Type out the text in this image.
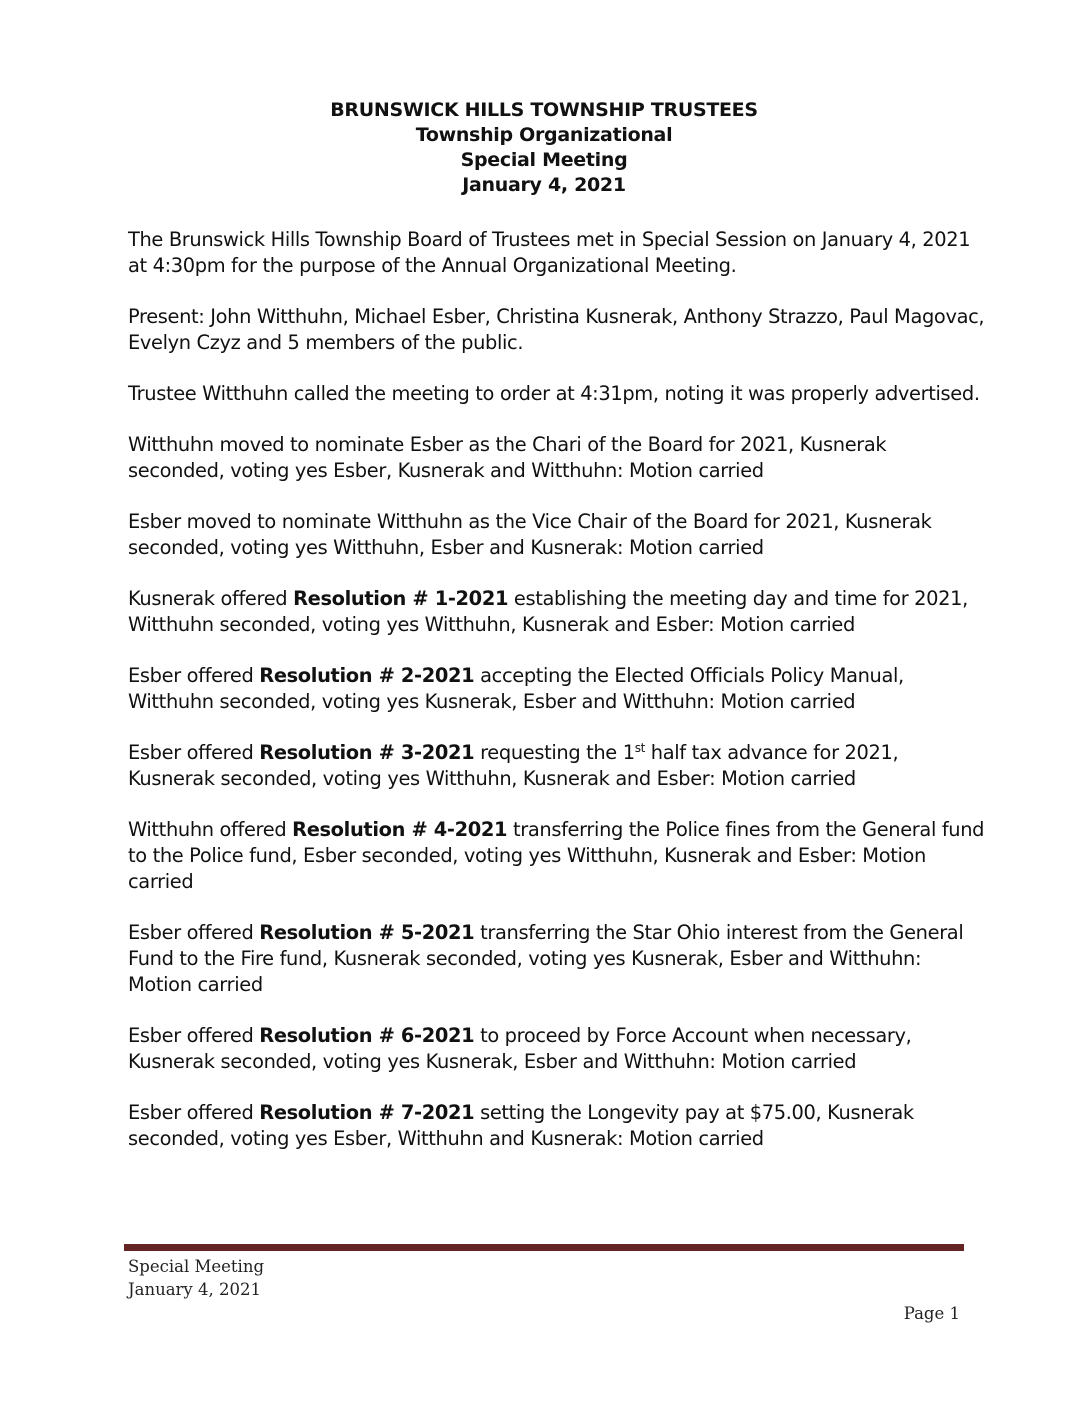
BRUNSWICK HILLS TOWNSHIP TRUSTEES
Township Organizational
Special Meeting
January 4, 2021

The Brunswick Hills Township Board of Trustees met in Special Session on January 4, 2021 at 4:30pm for the purpose of the Annual Organizational Meeting.

Present: John Witthuhn, Michael Esber, Christina Kusnerak, Anthony Strazzo, Paul Magovac, Evelyn Czyz and 5 members of the public.

Trustee Witthuhn called the meeting to order at 4:31pm, noting it was properly advertised.

Witthuhn moved to nominate Esber as the Chari of the Board for 2021, Kusnerak seconded, voting yes Esber, Kusnerak and Witthuhn: Motion carried

Esber moved to nominate Witthuhn as the Vice Chair of the Board for 2021, Kusnerak seconded, voting yes Witthuhn, Esber and Kusnerak: Motion carried

Kusnerak offered Resolution # 1-2021 establishing the meeting day and time for 2021, Witthuhn seconded, voting yes Witthuhn, Kusnerak and Esber: Motion carried

Esber offered Resolution # 2-2021 accepting the Elected Officials Policy Manual, Witthuhn seconded, voting yes Kusnerak, Esber and Witthuhn: Motion carried

Esber offered Resolution # 3-2021 requesting the 1st half tax advance for 2021, Kusnerak seconded, voting yes Witthuhn, Kusnerak and Esber: Motion carried

Witthuhn offered Resolution # 4-2021 transferring the Police fines from the General fund to the Police fund, Esber seconded, voting yes Witthuhn, Kusnerak and Esber: Motion carried

Esber offered Resolution # 5-2021 transferring the Star Ohio interest from the General Fund to the Fire fund, Kusnerak seconded, voting yes Kusnerak, Esber and Witthuhn: Motion carried

Esber offered Resolution # 6-2021 to proceed by Force Account when necessary, Kusnerak seconded, voting yes Kusnerak, Esber and Witthuhn: Motion carried

Esber offered Resolution # 7-2021 setting the Longevity pay at $75.00, Kusnerak seconded, voting yes Esber, Witthuhn and Kusnerak: Motion carried

Special Meeting
January 4, 2021
Page 1
